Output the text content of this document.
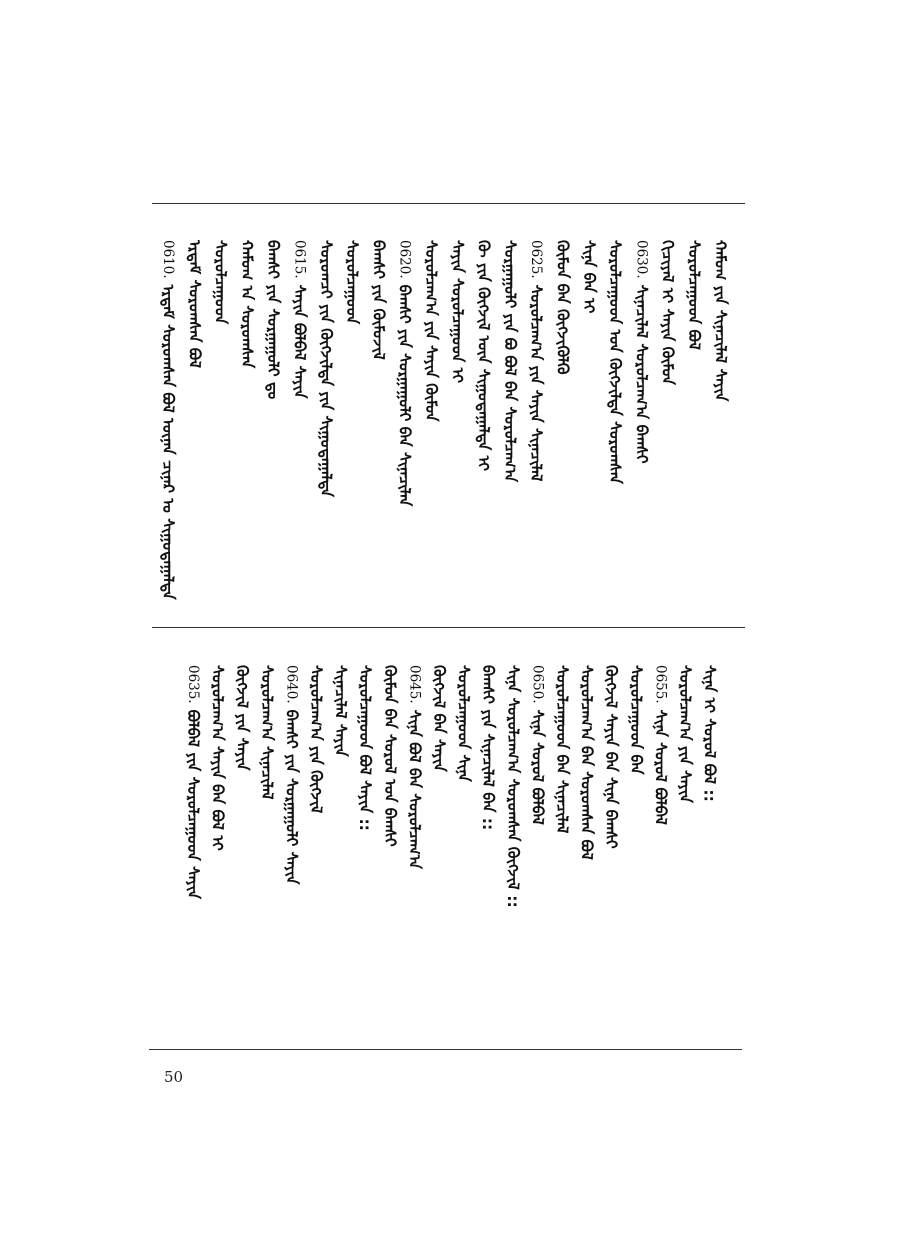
0610.ᠡᠷᠳᠡᠮ ᠰᠤᠷᠤᠭᠰᠠᠨ ᠪᠣᠯ ᠦᠨᠡᠨ ᠴᠢᠨᠠᠷ ᠤ ᠰᠢᠭᠤᠳᠠᠭᠠᠯᠲᠠ ᠡᠷᠳᠡᠮ ᠰᠤᠷᠤᠭᠰᠠᠨ ᠪᠣᠯ ᠰᠤᠷᠤᠯᠴᠠᠭᠤᠳ ᠬᠠᠮᠤᠭ ᠠ ᠰᠤᠷᠤᠭᠰᠠᠨ ᠪᠠᠭᠰᠢ ᠶᠢᠨ ᠰᠤᠷᠭᠠᠭᠤᠯᠢ ᠳᠤ 0615.ᠰᠠᠶᠢᠨ ᠪᠣᠯᠪᠠᠯ ᠰᠠᠶᠢᠨ ᠰᠤᠷᠤᠭᠴᠢ ᠶᠢᠨ ᠬᠥᠭᠵᠢᠯᠲᠡ ᠶᠢᠨ ᠰᠢᠭᠤᠳᠠᠭᠠᠯᠲᠠ ᠰᠤᠷᠤᠯᠴᠠᠭᠤᠳ ᠪᠠᠭᠰᠢ ᠶᠢᠨ ᠬᠦᠮᠦᠵᠢᠯ 0620.ᠪᠠᠭᠰᠢ ᠶᠢᠨ ᠰᠤᠷᠭᠠᠭᠤᠯᠢ ᠪᠠᠨ ᠰᠢᠨᠡᠴᠢᠯᠡᠨ ᠰᠤᠷᠤᠯᠴᠠᠭ᠎ᠠ ᠶᠢᠨ ᠰᠠᠶᠢᠨ ᠬᠦᠮᠦᠨ ᠰᠠᠶᠢᠨ ᠰᠤᠷᠤᠯᠴᠠᠭᠤᠳ ᠢ ᠬᠦ ᠶᠢᠨ ᠬᠥᠭᠵᠢᠯ ᠦᠨ ᠰᠢᠭᠤᠳᠠᠭᠠᠯᠲᠠ ᠢ ᠰᠤᠷᠭᠠᠭᠤᠯᠢ ᠶᠢᠨ ᠪᠣ ᠪᠣᠯ ᠪᠠᠨ ᠰᠤᠷᠤᠯᠴᠠᠭ᠎ᠠ 0625.ᠰᠤᠷᠤᠯᠴᠠᠭ᠎ᠠ ᠶᠢᠨ ᠰᠠᠶᠢᠨ ᠰᠢᠨᠡᠴᠢᠯᠡᠯ ᠬᠦᠮᠦᠨ ᠪᠠᠨ ᠬᠥᠭᠵᠢᠭᠦᠯᠬᠦ ᠰᠢᠨᠡ ᠪᠠᠨ ᠢ ᠰᠤᠷᠤᠯᠴᠠᠭᠤᠳ ᠤᠨ ᠬᠥᠭᠵᠢᠯᠲᠡ ᠰᠤᠷᠤᠭᠰᠠᠨ 0630.ᠰᠢᠨᠡᠴᠢᠯᠡᠯ ᠰᠤᠷᠤᠯᠴᠠᠭ᠎ᠠ ᠪᠠᠭᠰᠢ ᠬᠢᠴᠢᠶᠡᠯ ᠢ ᠰᠠᠶᠢᠨ ᠬᠦᠮᠦᠨ ᠰᠤᠷᠤᠯᠴᠠᠭᠤᠳ ᠪᠣᠯ ᠬᠠᠮᠤᠭ ᠶᠢᠨ ᠰᠢᠨᠡᠴᠢᠯᠡᠯ ᠰᠠᠶᠢᠨ
0635.ᠪᠣᠯᠪᠠᠯ ᠶᠢᠨ ᠰᠤᠷᠤᠯᠴᠠᠭᠤᠳ ᠰᠠᠶᠢᠨ ᠰᠤᠷᠤᠯᠴᠠᠭ᠎ᠠ ᠰᠠᠶᠢᠨ ᠪᠠᠨ ᠪᠣᠯ ᠢ ᠬᠥᠭᠵᠢᠯ ᠶᠢᠨ ᠰᠠᠶᠢᠨ ᠰᠤᠷᠤᠯᠴᠠᠭ᠎ᠠ ᠰᠢᠨᠡᠴᠢᠯᠡᠯ 0640.ᠪᠠᠭᠰᠢ ᠶᠢᠨ ᠰᠤᠷᠭᠠᠭᠤᠯᠢ ᠰᠠᠶᠢᠨ ᠰᠤᠷᠤᠯᠴᠠᠭ᠎ᠠ ᠶᠢᠨ ᠬᠥᠭᠵᠢᠯ ᠰᠢᠨᠡᠴᠢᠯᠡᠯ ᠰᠠᠶᠢᠨ ᠰᠤᠷᠤᠯᠴᠠᠭᠤᠳ ᠪᠣᠯ ᠰᠠᠶᠢᠨ :: ᠬᠦᠮᠦᠨ ᠪᠠᠨ ᠰᠤᠷᠤᠯ ᠤᠨ ᠪᠠᠭᠰᠢ 0645.ᠰᠢᠨᠡ ᠪᠣᠯ ᠪᠠᠨ ᠰᠤᠷᠤᠯᠴᠠᠭ᠎ᠠ ᠬᠥᠭᠵᠢᠯ ᠪᠠᠨ ᠰᠠᠶᠢᠨ ᠰᠤᠷᠤᠯᠴᠠᠭᠤᠳ ᠰᠢᠨᠡ ᠪᠠᠭᠰᠢ ᠶᠢᠨ ᠰᠢᠨᠡᠴᠢᠯᠡᠯ ᠪᠠᠨ :: ᠰᠢᠨᠡ ᠰᠤᠷᠤᠯᠴᠠᠭ᠎ᠠ ᠰᠤᠷᠤᠭᠰᠠᠨ ᠬᠥᠭᠵᠢᠯ :: 0650.ᠰᠢᠨᠡ ᠰᠤᠷᠤᠯ ᠪᠣᠯᠪᠠᠯ ᠰᠤᠷᠤᠯᠴᠠᠭᠤᠳ ᠪᠠᠨ ᠰᠢᠨᠡᠴᠢᠯᠡᠯ ᠰᠤᠷᠤᠯᠴᠠᠭ᠎ᠠ ᠪᠠᠨ ᠰᠤᠷᠤᠭᠰᠠᠨ ᠪᠣᠯ ᠬᠥᠭᠵᠢᠯ ᠰᠠᠶᠢᠨ ᠪᠠᠨ ᠰᠢᠨᠡ ᠪᠠᠭᠰᠢ ᠰᠤᠷᠤᠯᠴᠠᠭᠤᠳ ᠪᠠᠨ 0655.ᠰᠢᠨᠡ ᠰᠤᠷᠤᠯ ᠪᠣᠯᠪᠠᠯ ᠰᠤᠷᠤᠯᠴᠠᠭ᠎ᠠ ᠶᠢᠨ ᠰᠠᠶᠢᠨ ᠰᠢᠨᠡ ᠢ ᠰᠤᠷᠤᠯ ᠪᠣᠯ ::
50
